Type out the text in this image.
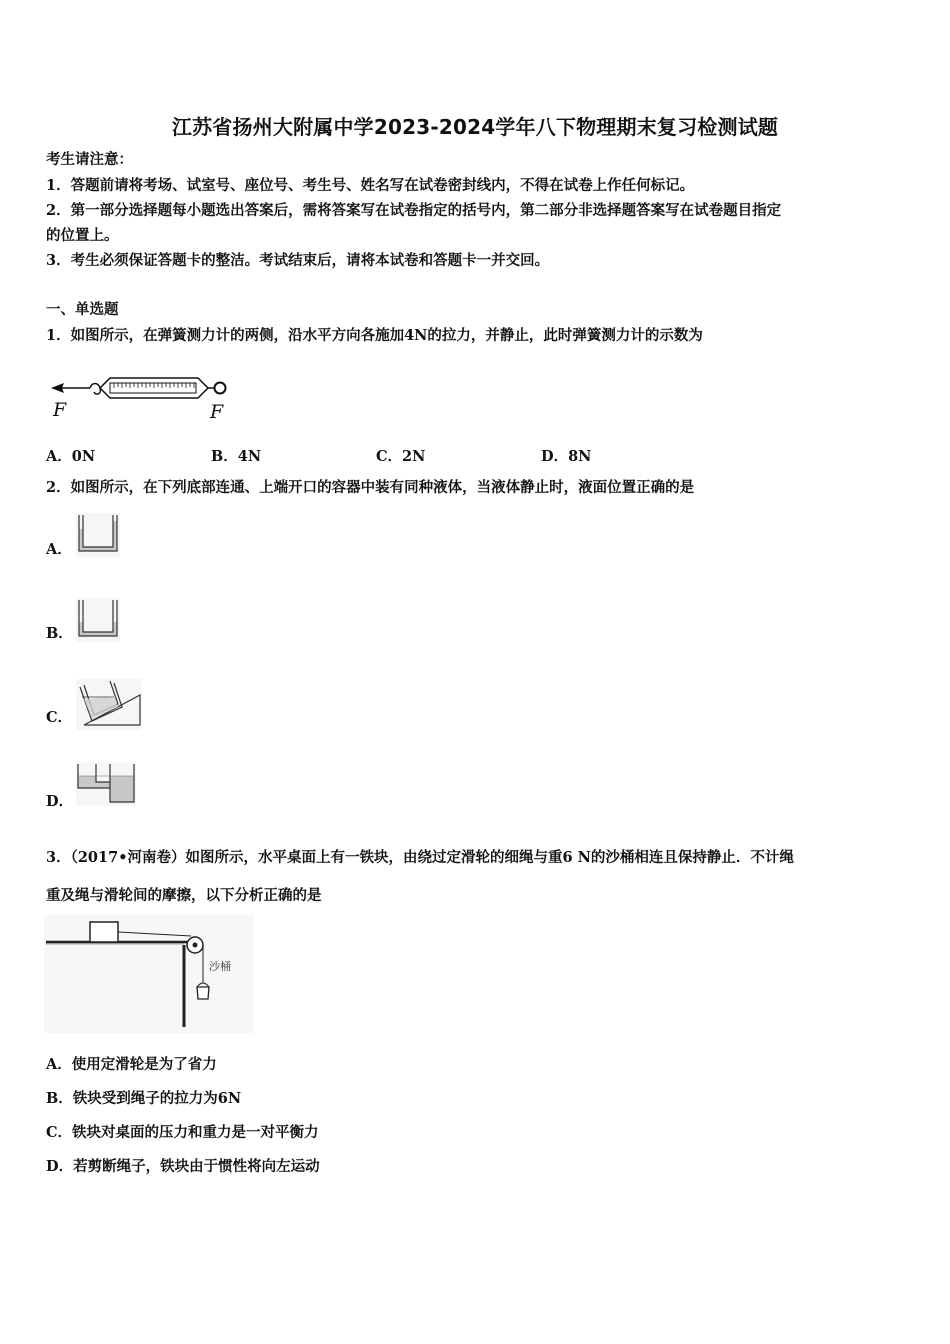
江苏省扬州大附属中学2023-2024学年八下物理期末复习检测试题
考生请注意：
1．答题前请将考场、试室号、座位号、考生号、姓名写在试卷密封线内，不得在试卷上作任何标记。
2．第一部分选择题每小题选出答案后，需将答案写在试卷指定的括号内，第二部分非选择题答案写在试卷题目指定
的位置上。
3．考生必须保证答题卡的整洁。考试结束后，请将本试卷和答题卡一并交回。
一、单选题
1．如图所示，在弹簧测力计的两侧，沿水平方向各施加4N的拉力，并静止，此时弹簧测力计的示数为
F	F
A．0N	B．4N	C．2N	D．8N
2．如图所示，在下列底部连通、上端开口的容器中装有同种液体，当液体静止时，液面位置正确的是
A．
B．
C．
D．
3．（2017•河南卷）如图所示，水平桌面上有一铁块，由绕过定滑轮的细绳与重6 N的沙桶相连且保持静止．不计绳
重及绳与滑轮间的摩擦，以下分析正确的是
沙桶
A．使用定滑轮是为了省力
B．铁块受到绳子的拉力为6N
C．铁块对桌面的压力和重力是一对平衡力
D．若剪断绳子，铁块由于惯性将向左运动
